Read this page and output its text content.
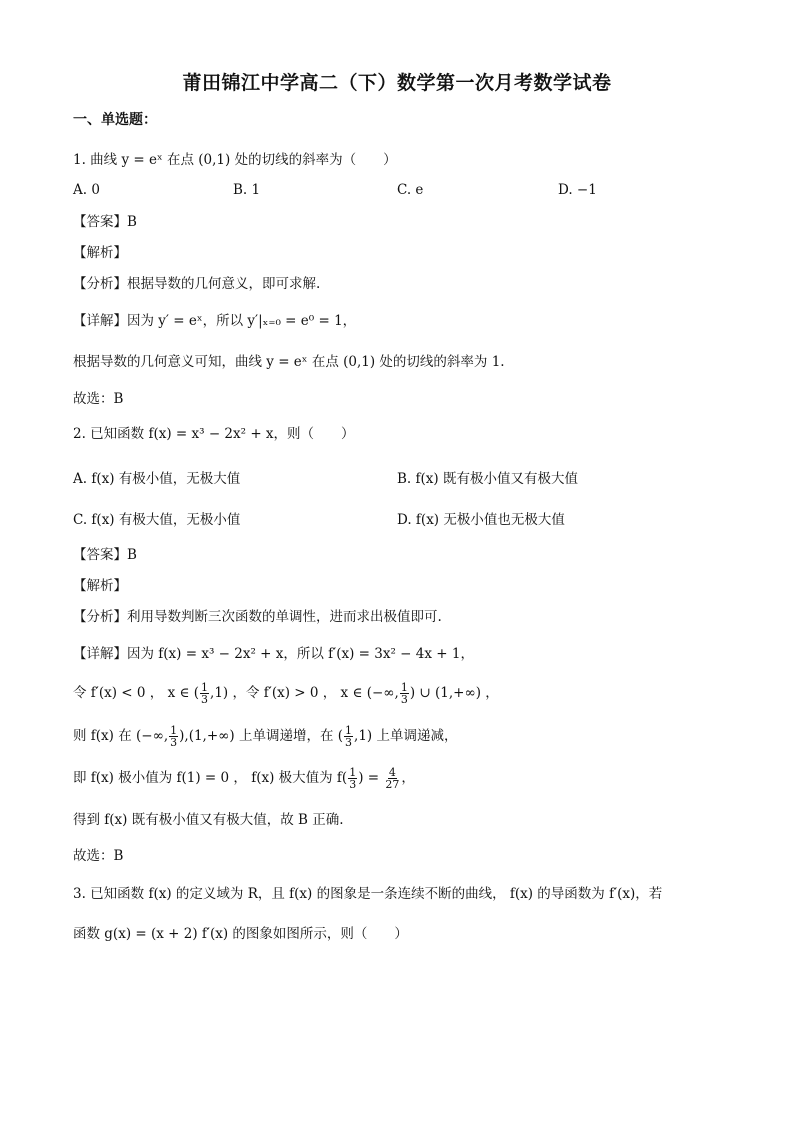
莆田锦江中学高二（下）数学第一次月考数学试卷
一、单选题：
1. 曲线 y = eˣ 在点 (0,1) 处的切线的斜率为（　　）
A. 0	B. 1	C. e	D. −1
【答案】B
【解析】
【分析】根据导数的几何意义，即可求解.
【详解】因为 y′ = eˣ，所以 y′|ₓ₌₀ = e⁰ = 1，
根据导数的几何意义可知，曲线 y = eˣ 在点 (0,1) 处的切线的斜率为 1.
故选：B
2. 已知函数 f(x) = x³ − 2x² + x，则（　　）
A. f(x) 有极小值，无极大值	B. f(x) 既有极小值又有极大值
C. f(x) 有极大值，无极小值	D. f(x) 无极小值也无极大值
【答案】B
【解析】
【分析】利用导数判断三次函数的单调性，进而求出极值即可.
【详解】因为 f(x) = x³ − 2x² + x，所以 f′(x) = 3x² − 4x + 1，
令 f′(x) < 0 ， x ∈ ( $\frac{1}{3} ,1$) ，令 f′(x) > 0 ， x ∈ (−∞, $\frac{1}{3}$ ) ∪ (1,+∞) ，
则 f(x) 在 (−∞, $\frac{1}{3} ),(1,+\infty)$ 上单调递增，在 ( $\frac{1}{3} ,1$) 上单调递减，
即 f(x) 极小值为 f(1) = 0 ， f(x) 极大值为 $f( \frac{1}{3}$ ) = $\frac{4}{27}$ ，
得到 f(x) 既有极小值又有极大值，故 B 正确.
故选：B
3. 已知函数 f(x) 的定义域为 R，且 f(x) 的图象是一条连续不断的曲线， f(x) 的导函数为 f′(x)，若
函数 g(x) = (x + 2) f′(x) 的图象如图所示，则（　　）
